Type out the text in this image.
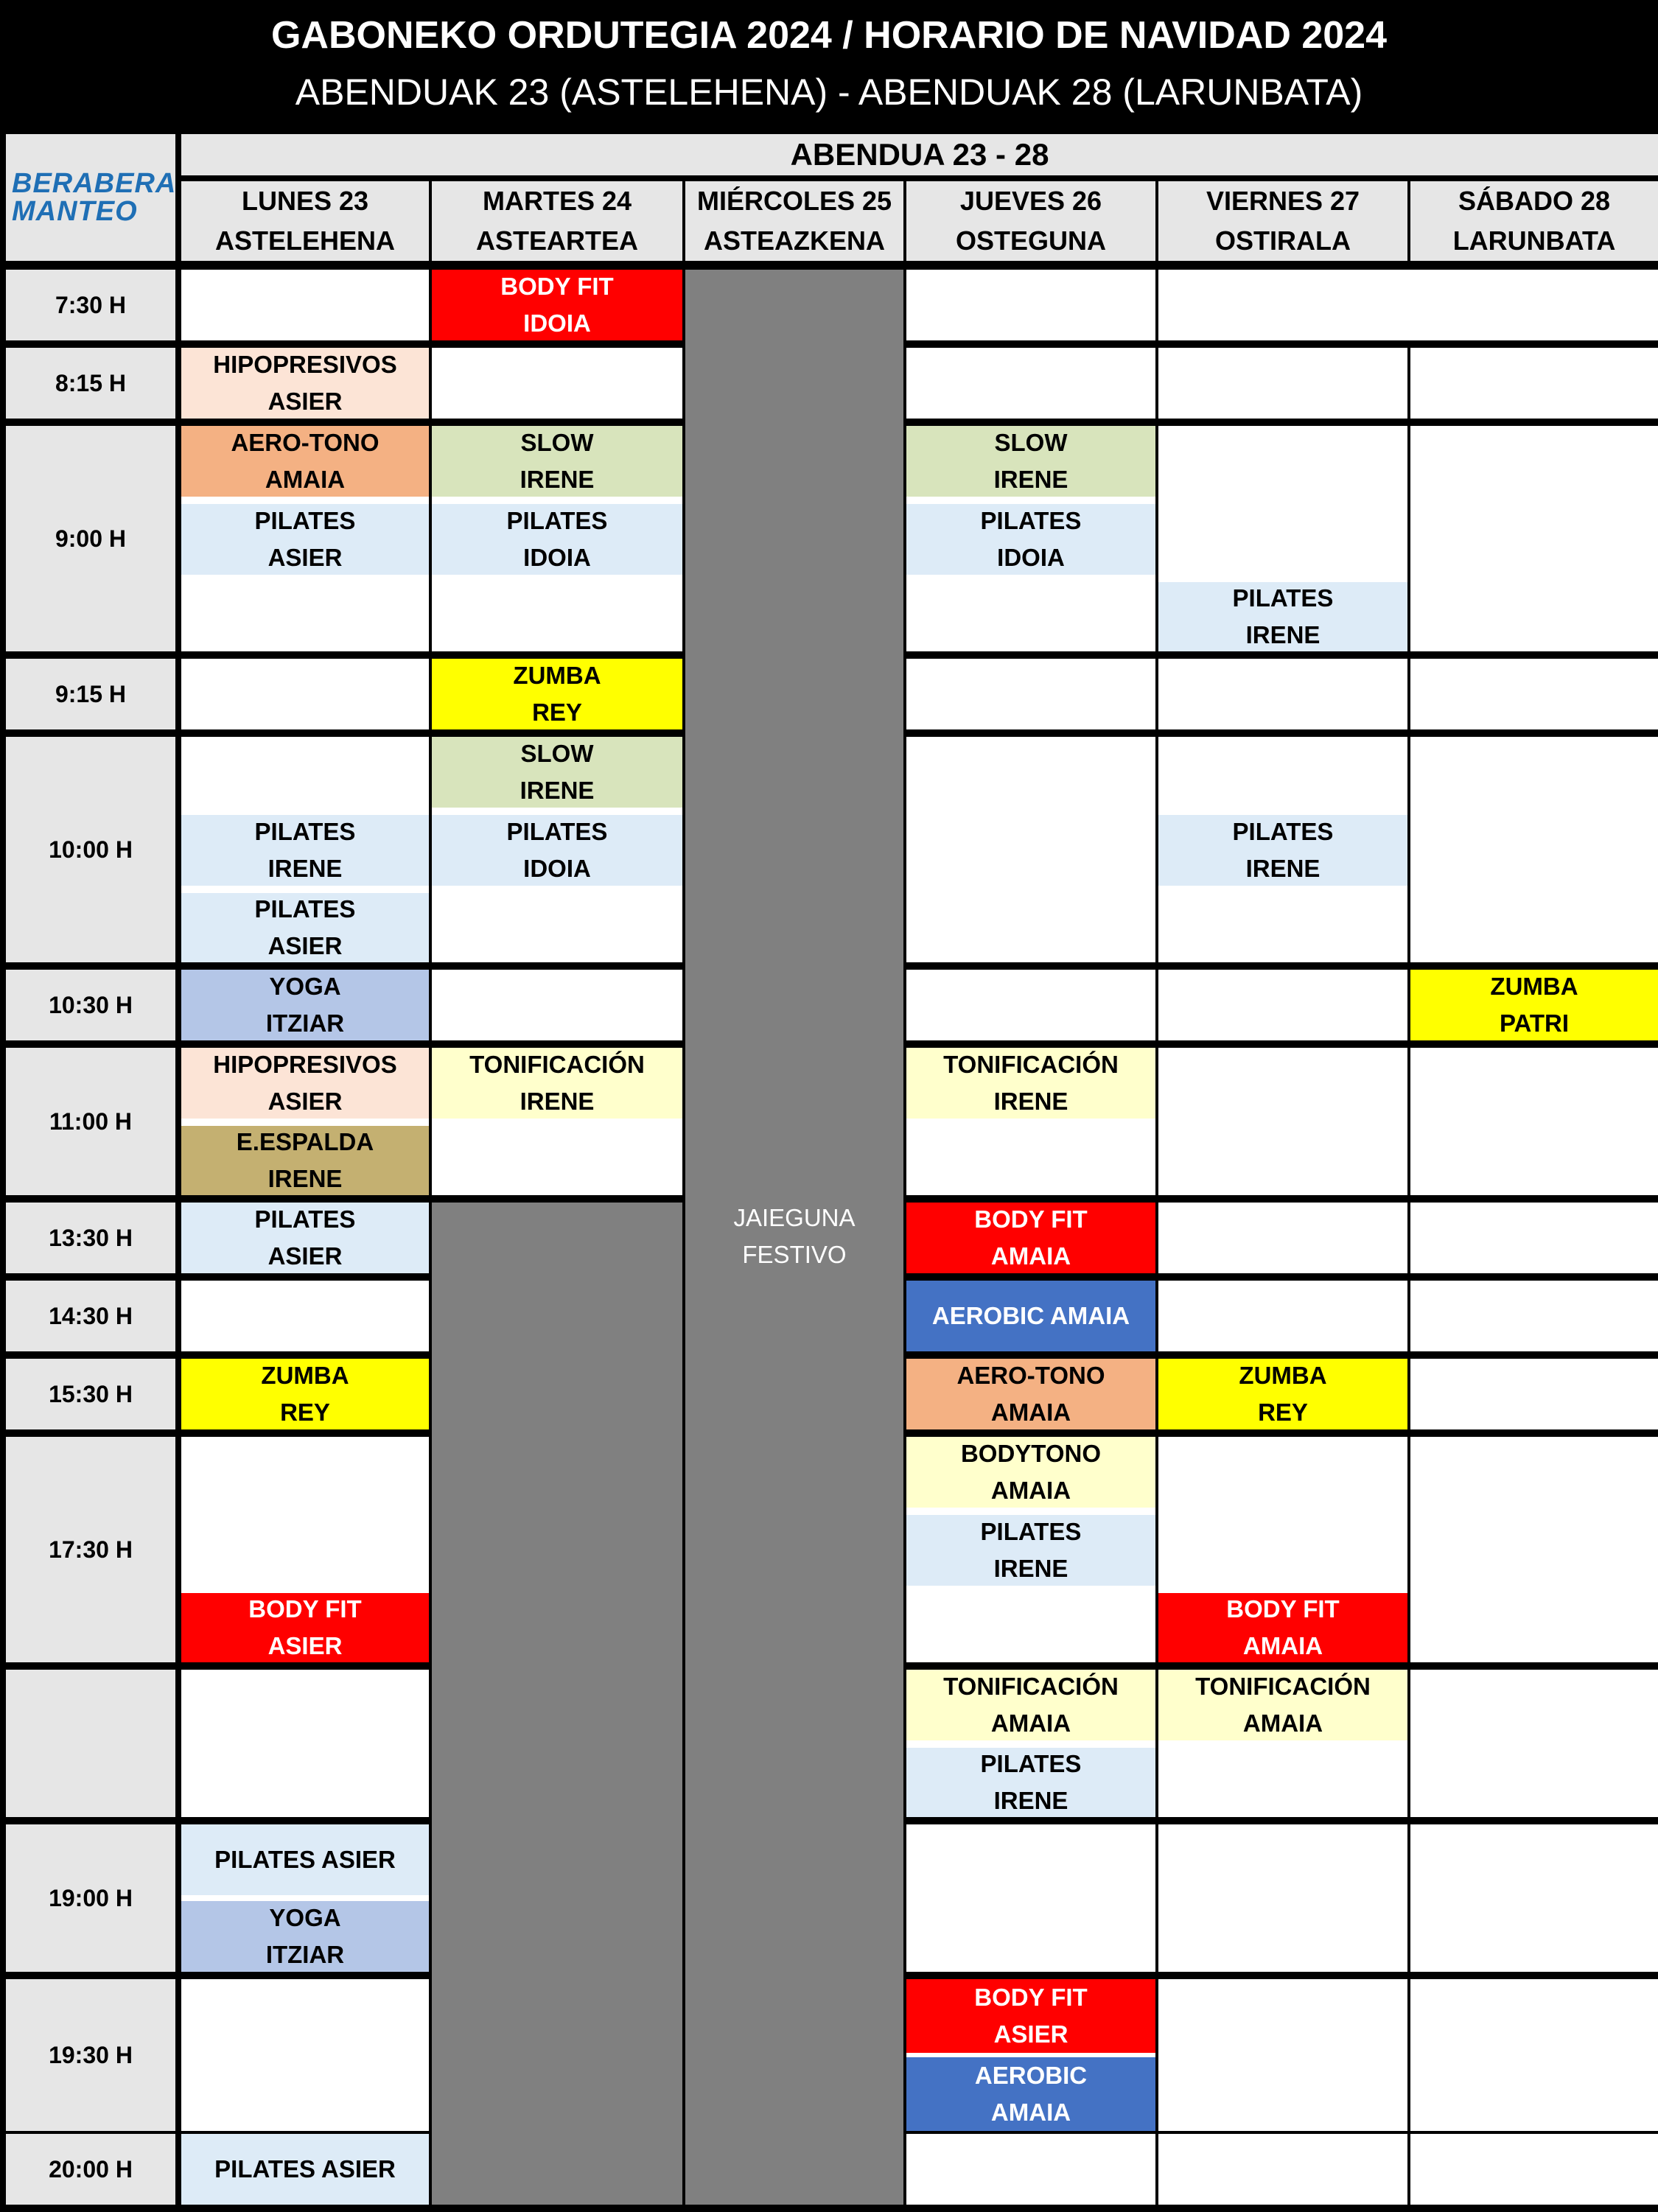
GABONEKO ORDUTEGIA 2024 / HORARIO DE NAVIDAD 2024
ABENDUAK 23 (ASTELEHENA) - ABENDUAK 28 (LARUNBATA)
BERABERA
MANTEO
ABENDUA 23 - 28
LUNES 23
ASTELEHENA
MARTES 24
ASTEARTEA
MIÉRCOLES 25
ASTEAZKENA
JUEVES 26
OSTEGUNA
VIERNES 27
OSTIRALA
SÁBADO 28
LARUNBATA
7:30 H
8:15 H
9:00 H
9:15 H
10:00 H
10:30 H
11:00 H
13:30 H
14:30 H
15:30 H
17:30 H
19:00 H
19:30 H
20:00 H
JAIEGUNA
FESTIVO
BODY FIT
IDOIA
HIPOPRESIVOS
ASIER
AERO-TONO
AMAIA
PILATES
ASIER
SLOW
IRENE
PILATES
IDOIA
SLOW
IRENE
PILATES
IDOIA
PILATES
IRENE
ZUMBA
REY
SLOW
IRENE
PILATES
IRENE
PILATES
IDOIA
PILATES
IRENE
PILATES
ASIER
YOGA
ITZIAR
ZUMBA
PATRI
HIPOPRESIVOS
ASIER
TONIFICACIÓN
IRENE
TONIFICACIÓN
IRENE
E.ESPALDA
IRENE
PILATES
ASIER
BODY FIT
AMAIA
AEROBIC AMAIA
ZUMBA
REY
AERO-TONO
AMAIA
ZUMBA
REY
BODYTONO
AMAIA
PILATES
IRENE
BODY FIT
ASIER
BODY FIT
AMAIA
TONIFICACIÓN
AMAIA
TONIFICACIÓN
AMAIA
PILATES
IRENE
PILATES ASIER
YOGA
ITZIAR
BODY FIT
ASIER
AEROBIC
AMAIA
PILATES ASIER
